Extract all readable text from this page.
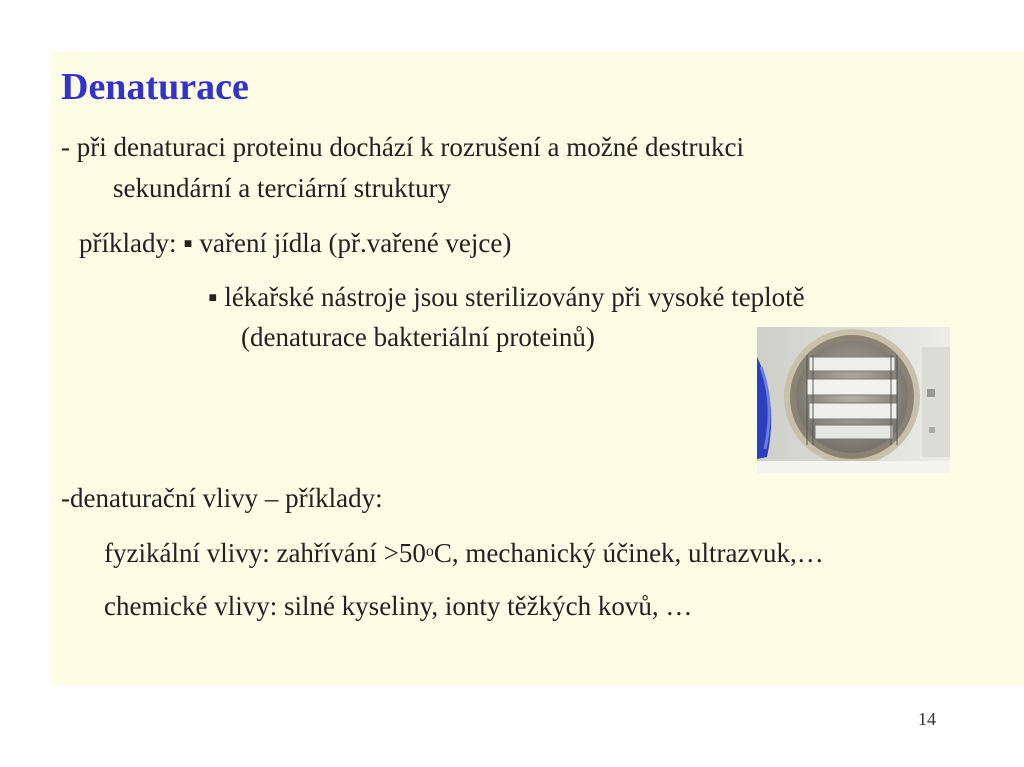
Denaturace
- při denaturaci proteinu dochází k rozrušení a možné destrukci
sekundární a terciární struktury
příklady: ▪ vaření jídla (př.vařené vejce)
▪ lékařské nástroje jsou sterilizovány při vysoké teplotě
(denaturace bakteriální proteinů)
-denaturační vlivy – příklady:
fyzikální vlivy: zahřívání $>50^oC$, mechanický účinek, ultrazvuk,…
chemické vlivy: silné kyseliny, ionty těžkých kovů, …
14
